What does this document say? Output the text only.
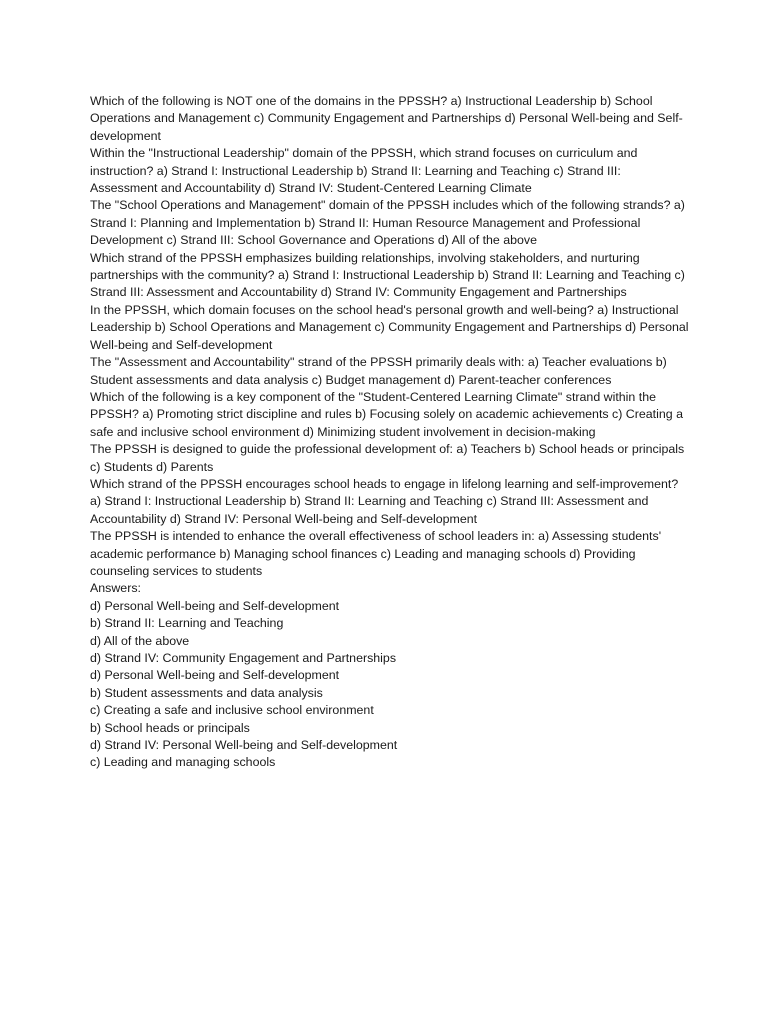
Which of the following is NOT one of the domains in the PPSSH? a) Instructional Leadership b) School Operations and Management c) Community Engagement and Partnerships d) Personal Well-being and Self-development

Within the "Instructional Leadership" domain of the PPSSH, which strand focuses on curriculum and instruction? a) Strand I: Instructional Leadership b) Strand II: Learning and Teaching c) Strand III: Assessment and Accountability d) Strand IV: Student-Centered Learning Climate

The "School Operations and Management" domain of the PPSSH includes which of the following strands? a) Strand I: Planning and Implementation b) Strand II: Human Resource Management and Professional Development c) Strand III: School Governance and Operations d) All of the above

Which strand of the PPSSH emphasizes building relationships, involving stakeholders, and nurturing partnerships with the community? a) Strand I: Instructional Leadership b) Strand II: Learning and Teaching c) Strand III: Assessment and Accountability d) Strand IV: Community Engagement and Partnerships

In the PPSSH, which domain focuses on the school head's personal growth and well-being? a) Instructional Leadership b) School Operations and Management c) Community Engagement and Partnerships d) Personal Well-being and Self-development

The "Assessment and Accountability" strand of the PPSSH primarily deals with: a) Teacher evaluations b) Student assessments and data analysis c) Budget management d) Parent-teacher conferences

Which of the following is a key component of the "Student-Centered Learning Climate" strand within the PPSSH? a) Promoting strict discipline and rules b) Focusing solely on academic achievements c) Creating a safe and inclusive school environment d) Minimizing student involvement in decision-making

The PPSSH is designed to guide the professional development of: a) Teachers b) School heads or principals c) Students d) Parents

Which strand of the PPSSH encourages school heads to engage in lifelong learning and self-improvement? a) Strand I: Instructional Leadership b) Strand II: Learning and Teaching c) Strand III: Assessment and Accountability d) Strand IV: Personal Well-being and Self-development

The PPSSH is intended to enhance the overall effectiveness of school leaders in: a) Assessing students' academic performance b) Managing school finances c) Leading and managing schools d) Providing counseling services to students

Answers:

d) Personal Well-being and Self-development
b) Strand II: Learning and Teaching
d) All of the above
d) Strand IV: Community Engagement and Partnerships
d) Personal Well-being and Self-development
b) Student assessments and data analysis
c) Creating a safe and inclusive school environment
b) School heads or principals
d) Strand IV: Personal Well-being and Self-development
c) Leading and managing schools
